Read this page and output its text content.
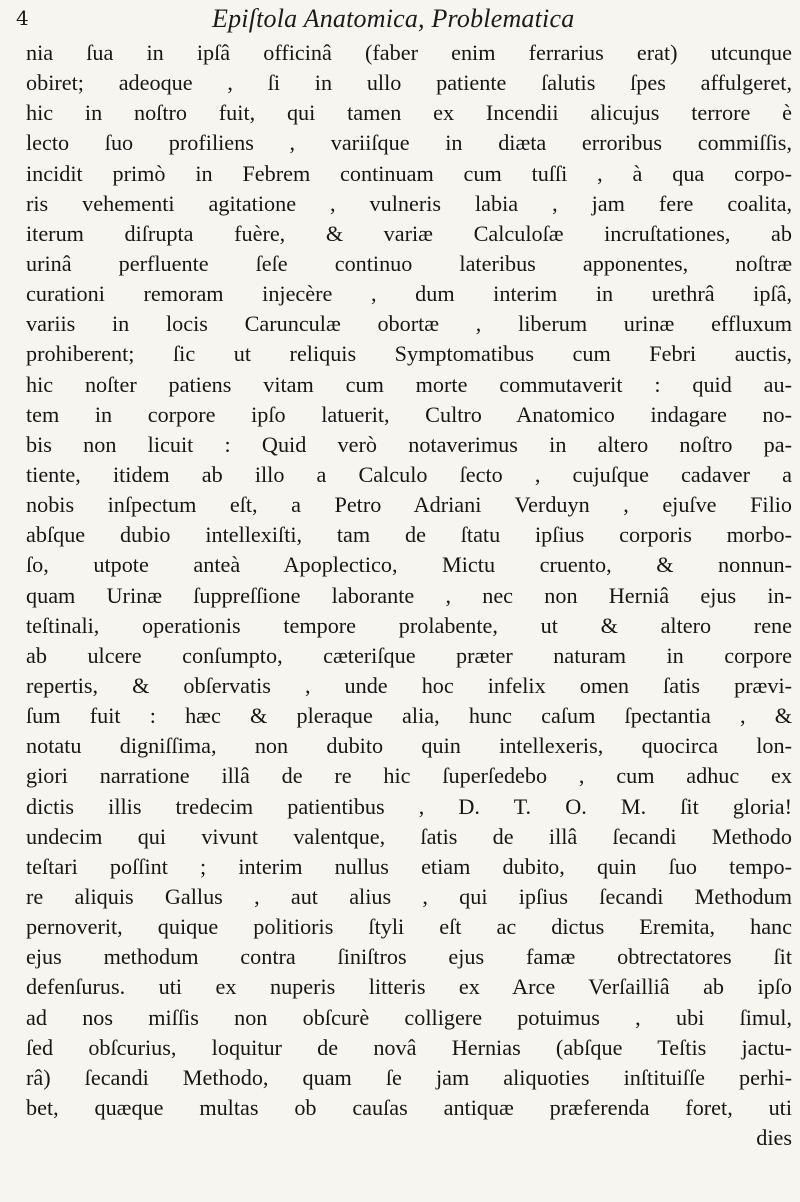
4	Epiſtola Anatomica, Problematica
nia ſua in ipſâ officinâ (faber enim ferrarius erat) utcunque
obiret; adeoque , ſi in ullo patiente ſalutis ſpes affulgeret,
hic in noſtro fuit, qui tamen ex Incendii alicujus terrore è
lecto ſuo profiliens , variiſque in diæta erroribus commiſſis,
incidit primò in Febrem continuam cum tuſſi , à qua corpo-
ris vehementi agitatione , vulneris labia , jam fere coalita,
iterum diſrupta fuère, & variæ Calculoſæ incruſtationes, ab
urinâ perfluente ſeſe continuo lateribus apponentes, noſtræ
curationi remoram injecère , dum interim in urethrâ ipſâ,
variis in locis Carunculæ obortæ , liberum urinæ effluxum
prohiberent; ſic ut reliquis Symptomatibus cum Febri auctis,
hic noſter patiens vitam cum morte commutaverit : quid au-
tem in corpore ipſo latuerit, Cultro Anatomico indagare no-
bis non licuit : Quid verò notaverimus in altero noſtro pa-
tiente, itidem ab illo a Calculo ſecto , cujuſque cadaver a
nobis inſpectum eſt, a Petro Adriani Verduyn , ejuſve Filio
abſque dubio intellexiſti, tam de ſtatu ipſius corporis morbo-
ſo, utpote anteà Apoplectico, Mictu cruento, & nonnun-
quam Urinæ ſuppreſſione laborante , nec non Herniâ ejus in-
teſtinali, operationis tempore prolabente, ut & altero rene
ab ulcere conſumpto, cæteriſque præter naturam in corpore
repertis, & obſervatis , unde hoc infelix omen ſatis prævi-
ſum fuit : hæc & pleraque alia, hunc caſum ſpectantia , &
notatu digniſſima, non dubito quin intellexeris, quocirca lon-
giori narratione illâ de re hic ſuperſedebo , cum adhuc ex
dictis illis tredecim patientibus , D. T. O. M. ſit gloria!
undecim qui vivunt valentque, ſatis de illâ ſecandi Methodo
teſtari poſſint ; interim nullus etiam dubito, quin ſuo tempo-
re aliquis Gallus , aut alius , qui ipſius ſecandi Methodum
pernoverit, quique politioris ſtyli eſt ac dictus Eremita, hanc
ejus methodum contra ſiniſtros ejus famæ obtrectatores ſit
defenſurus. uti ex nuperis litteris ex Arce Verſailliâ ab ipſo
ad nos miſſis non obſcurè colligere potuimus , ubi ſimul,
ſed obſcurius, loquitur de novâ Hernias (abſque Teſtis jactu-
râ) ſecandi Methodo, quam ſe jam aliquoties inſtituiſſe perhi-
bet, quæque multas ob cauſas antiquæ præferenda foret, uti
dies
